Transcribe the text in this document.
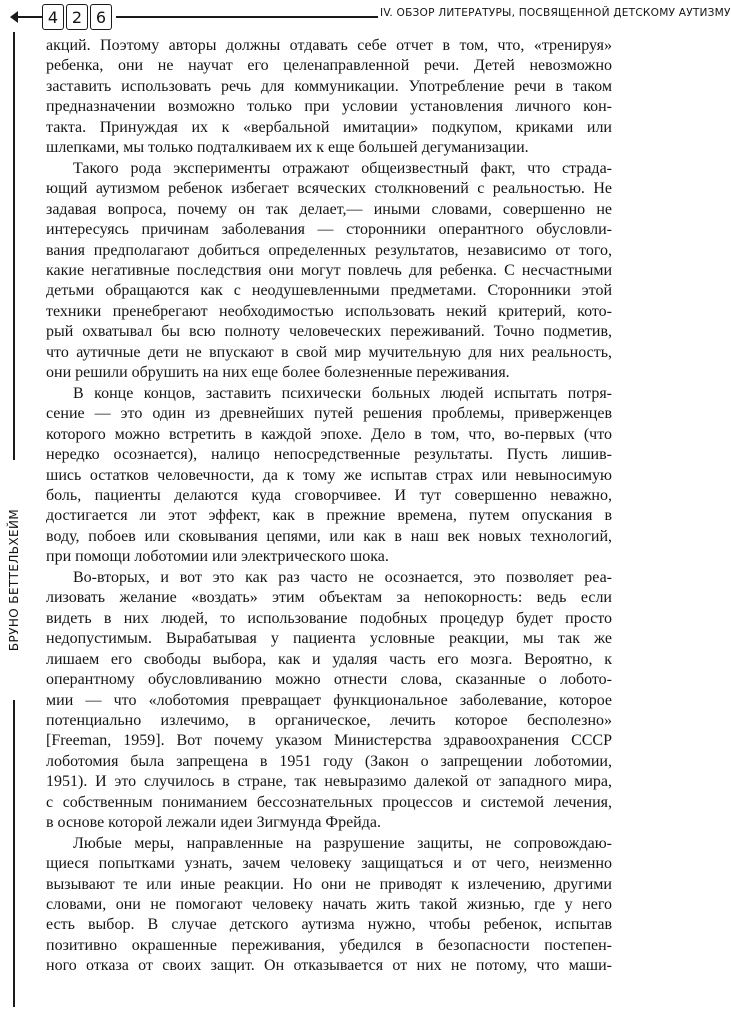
4 2 6	IV. ОБЗОР ЛИТЕРАТУРЫ, ПОСВЯЩЕННОЙ ДЕТСКОМУ АУТИЗМУ
БРУНО БЕТТЕЛЬХЕЙМ

акций. Поэтому авторы должны отдавать себе отчет в том, что, «тренируя»

ребенка, они не научат его целенаправленной речи. Детей невозможно

заставить использовать речь для коммуникации. Употребление речи в таком

предназначении возможно только при условии установления личного кон-

такта. Принуждая их к «вербальной имитации» подкупом, криками или

шлепками, мы только подталкиваем их к еще большей дегуманизации.

Такого рода эксперименты отражают общеизвестный факт, что страда-

ющий аутизмом ребенок избегает всяческих столкновений с реальностью. Не

задавая вопроса, почему он так делает,— иными словами, совершенно не

интересуясь причинам заболевания — сторонники оперантного обусловли-

вания предполагают добиться определенных результатов, независимо от того,

какие негативные последствия они могут повлечь для ребенка. С несчастными

детьми обращаются как с неодушевленными предметами. Сторонники этой

техники пренебрегают необходимостью использовать некий критерий, кото-

рый охватывал бы всю полноту человеческих переживаний. Точно подметив,

что аутичные дети не впускают в свой мир мучительную для них реальность,

они решили обрушить на них еще более болезненные переживания.

В конце концов, заставить психически больных людей испытать потря-

сение — это один из древнейших путей решения проблемы, приверженцев

которого можно встретить в каждой эпохе. Дело в том, что, во-первых (что

нередко осознается), налицо непосредственные результаты. Пусть лишив-

шись остатков человечности, да к тому же испытав страх или невыносимую

боль, пациенты делаются куда сговорчивее. И тут совершенно неважно,

достигается ли этот эффект, как в прежние времена, путем опускания в

воду, побоев или сковывания цепями, или как в наш век новых технологий,

при помощи лоботомии или электрического шока.

Во-вторых, и вот это как раз часто не осознается, это позволяет реа-

лизовать желание «воздать» этим объектам за непокорность: ведь если

видеть в них людей, то использование подобных процедур будет просто

недопустимым. Вырабатывая у пациента условные реакции, мы так же

лишаем его свободы выбора, как и удаляя часть его мозга. Вероятно, к

оперантному обусловливанию можно отнести слова, сказанные о лобото-

мии — что «лоботомия превращает функциональное заболевание, которое

потенциально излечимо, в органическое, лечить которое бесполезно»

[Freeman, 1959]. Вот почему указом Министерства здравоохранения СССР

лоботомия была запрещена в 1951 году (Закон о запрещении лоботомии,

1951). И это случилось в стране, так невыразимо далекой от западного мира,

с собственным пониманием бессознательных процессов и системой лечения,

в основе которой лежали идеи Зигмунда Фрейда.

Любые меры, направленные на разрушение защиты, не сопровождаю-

щиеся попытками узнать, зачем человеку защищаться и от чего, неизменно

вызывают те или иные реакции. Но они не приводят к излечению, другими

словами, они не помогают человеку начать жить такой жизнью, где у него

есть выбор. В случае детского аутизма нужно, чтобы ребенок, испытав

позитивно окрашенные переживания, убедился в безопасности постепен-

ного отказа от своих защит. Он отказывается от них не потому, что маши-
